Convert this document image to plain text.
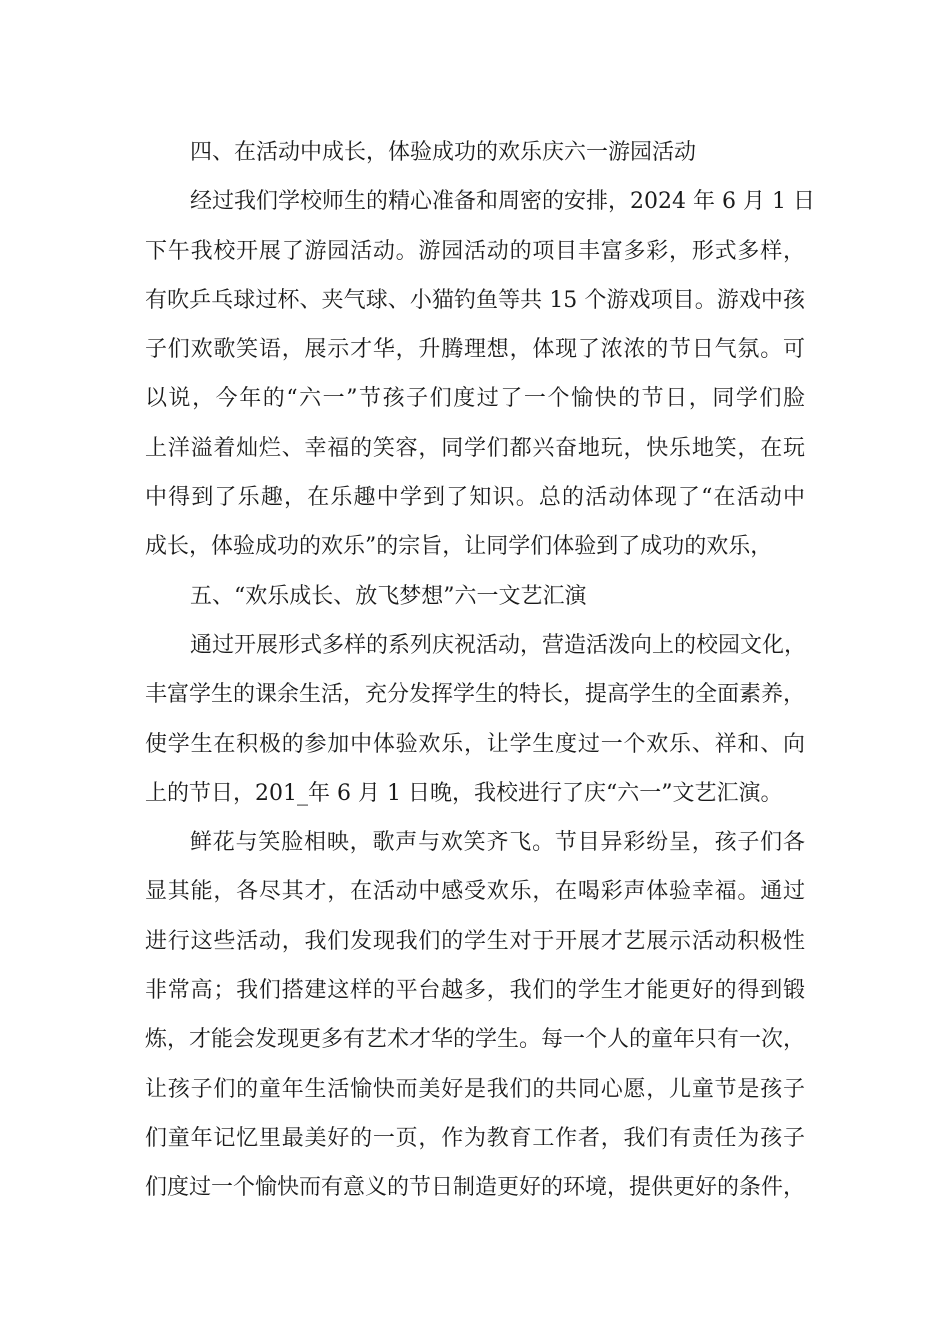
四、在活动中成长，体验成功的欢乐庆六一游园活动
经过我们学校师生的精心准备和周密的安排，2024 年 6 月 1 日
下午我校开展了游园活动。游园活动的项目丰富多彩，形式多样，
有吹乒乓球过杯、夹气球、小猫钓鱼等共 15 个游戏项目。游戏中孩
子们欢歌笑语，展示才华，升腾理想，体现了浓浓的节日气氛。可
以说，今年的“六一”节孩子们度过了一个愉快的节日，同学们脸
上洋溢着灿烂、幸福的笑容，同学们都兴奋地玩，快乐地笑，在玩
中得到了乐趣，在乐趣中学到了知识。总的活动体现了“在活动中
成长，体验成功的欢乐”的宗旨，让同学们体验到了成功的欢乐，
五、“欢乐成长、放飞梦想”六一文艺汇演
通过开展形式多样的系列庆祝活动，营造活泼向上的校园文化，
丰富学生的课余生活，充分发挥学生的特长，提高学生的全面素养，
使学生在积极的参加中体验欢乐，让学生度过一个欢乐、祥和、向
上的节日，201_年 6 月 1 日晚，我校进行了庆“六一”文艺汇演。
鲜花与笑脸相映，歌声与欢笑齐飞。节目异彩纷呈，孩子们各
显其能，各尽其才，在活动中感受欢乐，在喝彩声体验幸福。通过
进行这些活动，我们发现我们的学生对于开展才艺展示活动积极性
非常高；我们搭建这样的平台越多，我们的学生才能更好的得到锻
炼，才能会发现更多有艺术才华的学生。每一个人的童年只有一次，
让孩子们的童年生活愉快而美好是我们的共同心愿，儿童节是孩子
们童年记忆里最美好的一页，作为教育工作者，我们有责任为孩子
们度过一个愉快而有意义的节日制造更好的环境，提供更好的条件，
